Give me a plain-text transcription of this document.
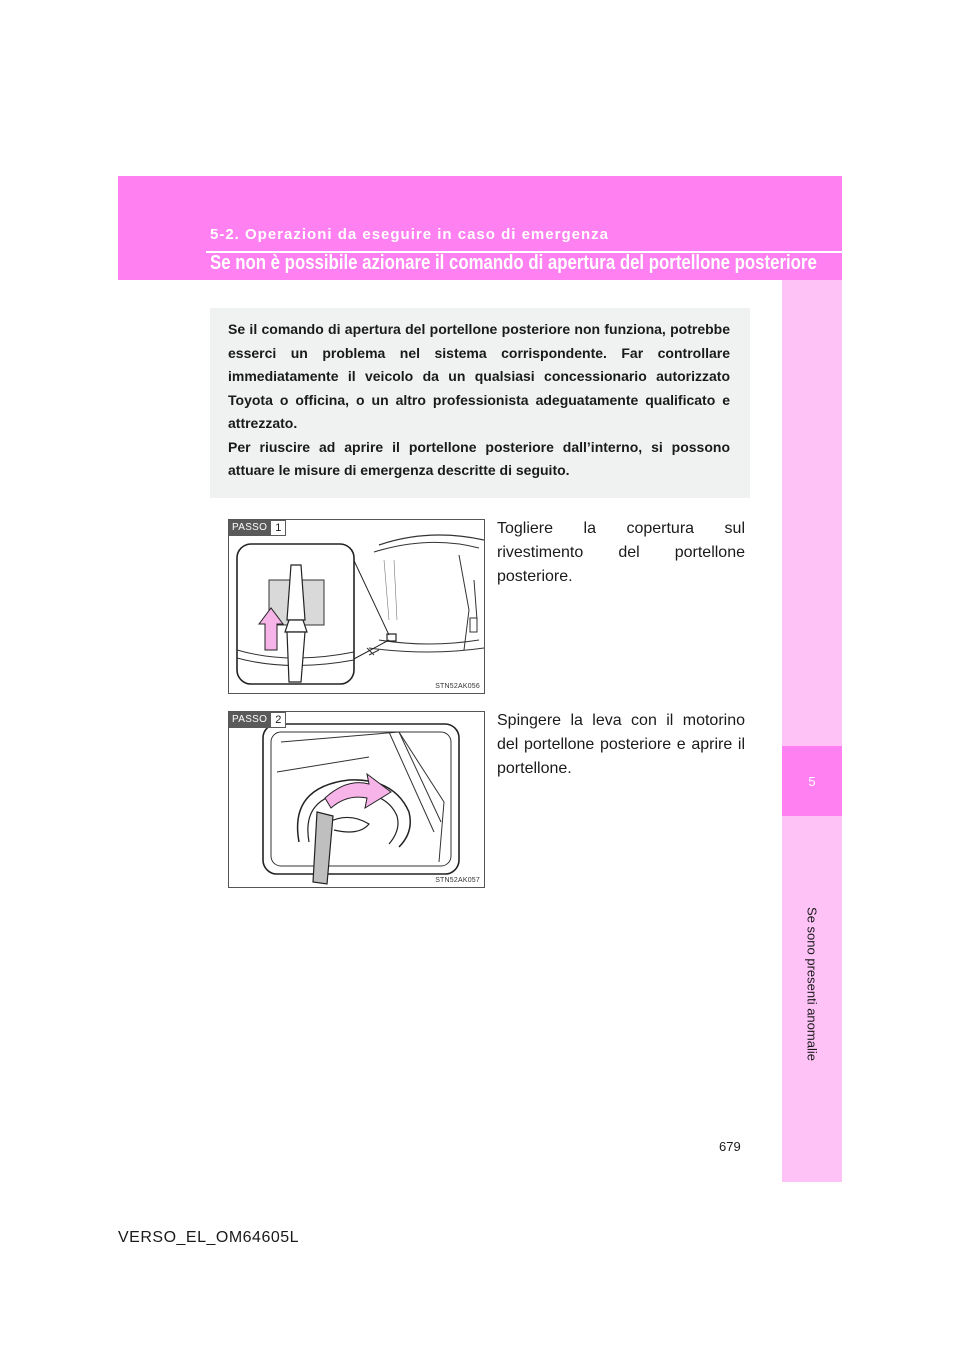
5-2. Operazioni da eseguire in caso di emergenza
Se non è possibile azionare il comando di apertura del portellone posteriore
5
Se sono presenti anomalie

Se il comando di apertura del portellone posteriore non funziona, potrebbe esserci un problema nel sistema corrispondente. Far controllare immediatamente il veicolo da un qualsiasi concessionario autorizzato Toyota o officina, o un altro professionista adeguatamente qualificato e attrezzato.

Per riuscire ad aprire il portellone posteriore dall’interno, si possono attuare le misure di emergenza descritte di seguito.

PASSO 1
STN52AK056
Togliere la copertura sul rivestimento del portellone posteriore.
PASSO 2
STN52AK057
Spingere la leva con il motorino del portellone posteriore e aprire il portellone.
679
VERSO_EL_OM64605L
